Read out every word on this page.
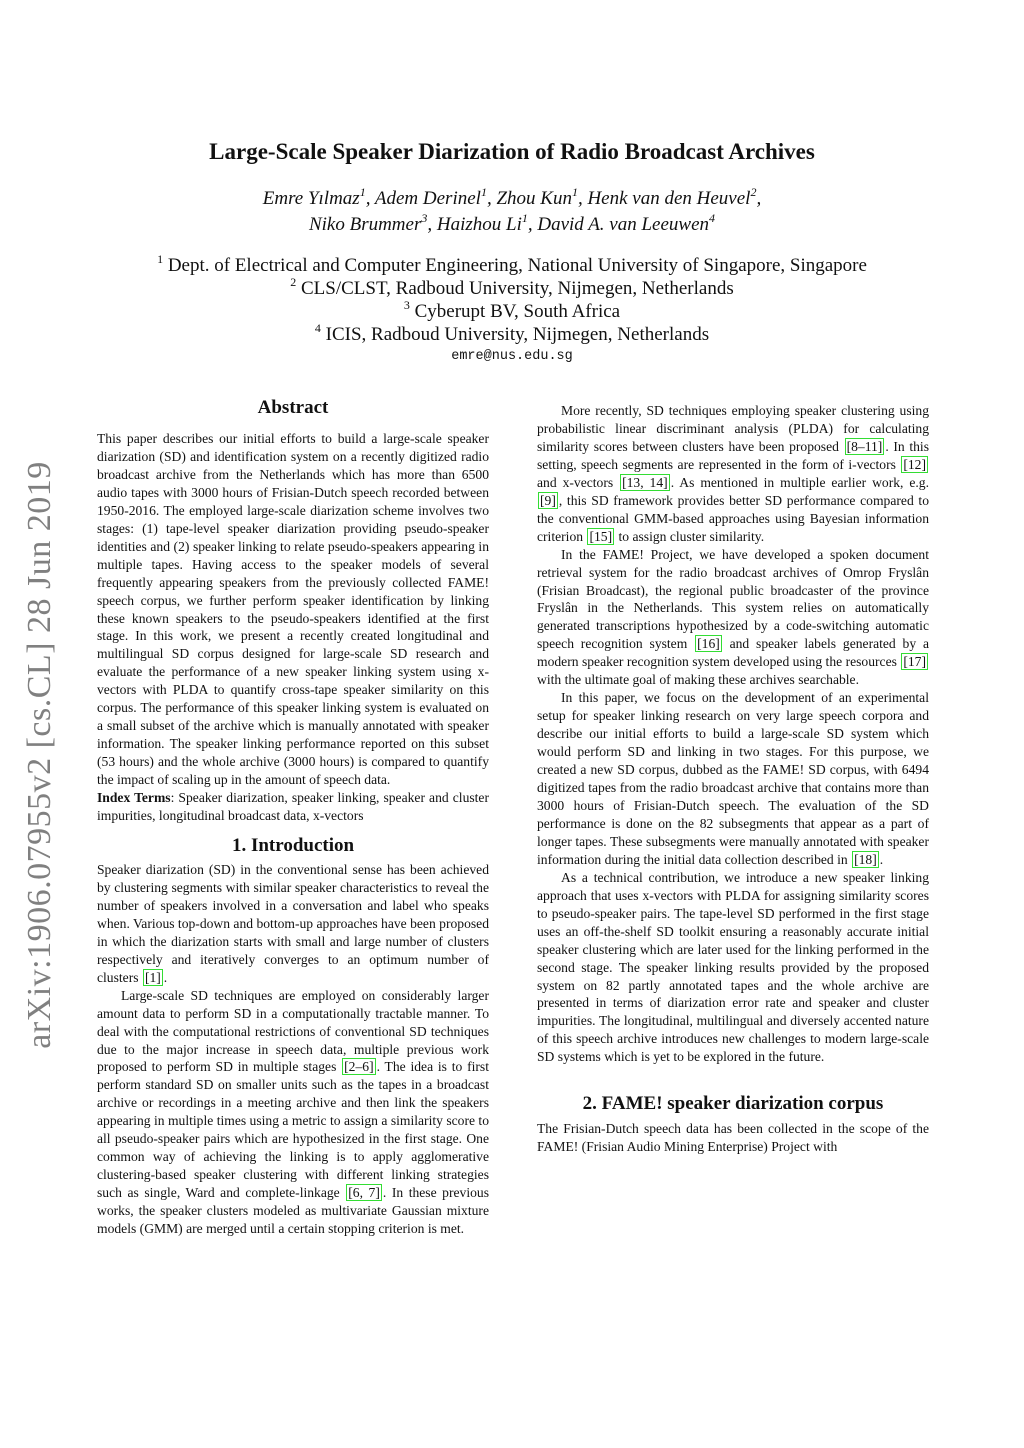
arXiv:1906.07955v2 [cs.CL] 28 Jun 2019
Large-Scale Speaker Diarization of Radio Broadcast Archives
Emre Yılmaz$^1$, Adem Derinel$^1$, Zhou Kun$^1$, Henk van den Heuvel$^2$,
Niko Brummer$^3$, Haizhou Li$^1$, David A. van Leeuwen$^4$
$^1$ Dept. of Electrical and Computer Engineering, National University of Singapore, Singapore
$^2$ CLS/CLST, Radboud University, Nijmegen, Netherlands
$^3$ Cyberupt BV, South Africa
$^4$ ICIS, Radboud University, Nijmegen, Netherlands
emre@nus.edu.sg
Abstract

This paper describes our initial efforts to build a large-scale speaker diarization (SD) and identification system on a recently digitized radio broadcast archive from the Netherlands which has more than 6500 audio tapes with 3000 hours of Frisian-Dutch speech recorded between 1950-2016. The employed large-scale diarization scheme involves two stages: (1) tape-level speaker diarization providing pseudo-speaker identities and (2) speaker linking to relate pseudo-speakers appearing in multiple tapes. Having access to the speaker models of several frequently appearing speakers from the previously collected FAME! speech corpus, we further perform speaker identification by linking these known speakers to the pseudo-speakers identified at the first stage. In this work, we present a recently created longitudinal and multilingual SD corpus designed for large-scale SD research and evaluate the performance of a new speaker linking system using x-vectors with PLDA to quantify cross-tape speaker similarity on this corpus. The performance of this speaker linking system is evaluated on a small subset of the archive which is manually annotated with speaker information. The speaker linking performance reported on this subset (53 hours) and the whole archive (3000 hours) is compared to quantify the impact of scaling up in the amount of speech data.

Index Terms: Speaker diarization, speaker linking, speaker and cluster impurities, longitudinal broadcast data, x-vectors

1. Introduction

Speaker diarization (SD) in the conventional sense has been achieved by clustering segments with similar speaker characteristics to reveal the number of speakers involved in a conversation and label who speaks when. Various top-down and bottom-up approaches have been proposed in which the diarization starts with small and large number of clusters respectively and iteratively converges to an optimum number of clusters [1] .

Large-scale SD techniques are employed on considerably larger amount data to perform SD in a computationally tractable manner. To deal with the computational restrictions of conventional SD techniques due to the major increase in speech data, multiple previous work proposed to perform SD in multiple stages [2–6] . The idea is to first perform standard SD on smaller units such as the tapes in a broadcast archive or recordings in a meeting archive and then link the speakers appearing in multiple times using a metric to assign a similarity score to all pseudo-speaker pairs which are hypothesized in the first stage. One common way of achieving the linking is to apply agglomerative clustering-based speaker clustering with different linking strategies such as single, Ward and complete-linkage [6, 7] . In these previous works, the speaker clusters modeled as multivariate Gaussian mixture models (GMM) are merged until a certain stopping criterion is met.

More recently, SD techniques employing speaker clustering using probabilistic linear discriminant analysis (PLDA) for calculating similarity scores between clusters have been proposed [8–11] . In this setting, speech segments are represented in the form of i-vectors [12] and x-vectors [13, 14] . As mentioned in multiple earlier work, e.g. [9] , this SD framework provides better SD performance compared to the conventional GMM-based approaches using Bayesian information criterion [15] to assign cluster similarity.

In the FAME! Project, we have developed a spoken document retrieval system for the radio broadcast archives of Omrop Fryslân (Frisian Broadcast), the regional public broadcaster of the province Fryslân in the Netherlands. This system relies on automatically generated transcriptions hypothesized by a code-switching automatic speech recognition system [16] and speaker labels generated by a modern speaker recognition system developed using the resources [17] with the ultimate goal of making these archives searchable.

In this paper, we focus on the development of an experimental setup for speaker linking research on very large speech corpora and describe our initial efforts to build a large-scale SD system which would perform SD and linking in two stages. For this purpose, we created a new SD corpus, dubbed as the FAME! SD corpus, with 6494 digitized tapes from the radio broadcast archive that contains more than 3000 hours of Frisian-Dutch speech. The evaluation of the SD performance is done on the 82 subsegments that appear as a part of longer tapes. These subsegments were manually annotated with speaker information during the initial data collection described in [18] .

As a technical contribution, we introduce a new speaker linking approach that uses x-vectors with PLDA for assigning similarity scores to pseudo-speaker pairs. The tape-level SD performed in the first stage uses an off-the-shelf SD toolkit ensuring a reasonably accurate initial speaker clustering which are later used for the linking performed in the second stage. The speaker linking results provided by the proposed system on 82 partly annotated tapes and the whole archive are presented in terms of diarization error rate and speaker and cluster impurities. The longitudinal, multilingual and diversely accented nature of this speech archive introduces new challenges to modern large-scale SD systems which is yet to be explored in the future.

2. FAME! speaker diarization corpus

The Frisian-Dutch speech data has been collected in the scope of the FAME! (Frisian Audio Mining Enterprise) Project with
